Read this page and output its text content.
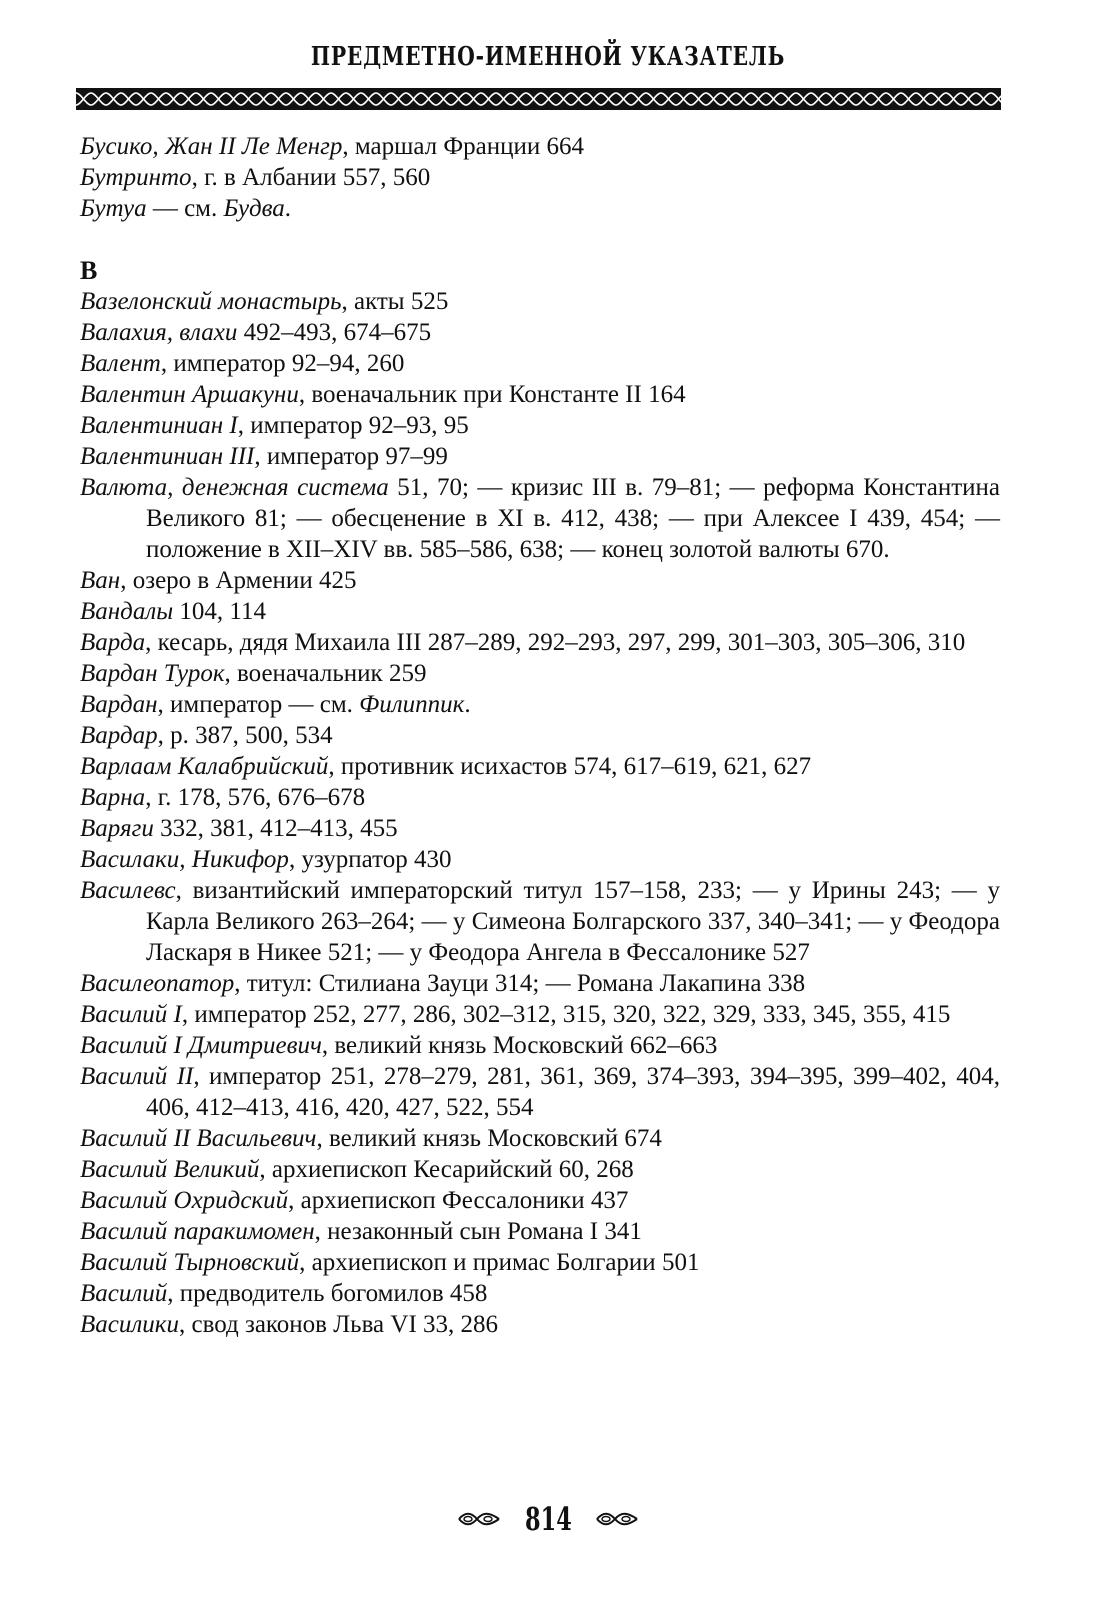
ПРЕДМЕТНО-ИМЕННОЙ УКАЗАТЕЛЬ
Бусико, Жан II Ле Менгр, маршал Франции 664
Бутринто, г. в Албании 557, 560
Бутуа — см. Будва.
В
Вазелонский монастырь, акты 525
Валахия, влахи 492–493, 674–675
Валент, император 92–94, 260
Валентин Аршакуни, военачальник при Константе II 164
Валентиниан I, император 92–93, 95
Валентиниан III, император 97–99
Валюта, денежная система 51, 70; — кризис III в. 79–81; — реформа Константина Великого 81; — обесценение в XI в. 412, 438; — при Алексее I 439, 454; — положение в XII–XIV вв. 585–586, 638; — конец золотой валюты 670.
Ван, озеро в Армении 425
Вандалы 104, 114
Варда, кесарь, дядя Михаила III 287–289, 292–293, 297, 299, 301–303, 305–306, 310
Вардан Турок, военачальник 259
Вардан, император — см. Филиппик.
Вардар, р. 387, 500, 534
Варлаам Калабрийский, противник исихастов 574, 617–619, 621, 627
Варна, г. 178, 576, 676–678
Варяги 332, 381, 412–413, 455
Василаки, Никифор, узурпатор 430
Василевс, византийский императорский титул 157–158, 233; — у Ирины 243; — у Карла Великого 263–264; — у Симеона Болгарского 337, 340–341; — у Феодора Ласкаря в Никее 521; — у Феодора Ангела в Фессалонике 527
Василеопатор, титул: Стилиана Зауци 314; — Романа Лакапина 338
Василий I, император 252, 277, 286, 302–312, 315, 320, 322, 329, 333, 345, 355, 415
Василий I Дмитриевич, великий князь Московский 662–663
Василий II, император 251, 278–279, 281, 361, 369, 374–393, 394–395, 399–402, 404, 406, 412–413, 416, 420, 427, 522, 554
Василий II Васильевич, великий князь Московский 674
Василий Великий, архиепископ Кесарийский 60, 268
Василий Охридский, архиепископ Фессалоники 437
Василий паракимомен, незаконный сын Романа I 341
Василий Тырновский, архиепископ и примас Болгарии 501
Василий, предводитель богомилов 458
Василики, свод законов Льва VI 33, 286
814
